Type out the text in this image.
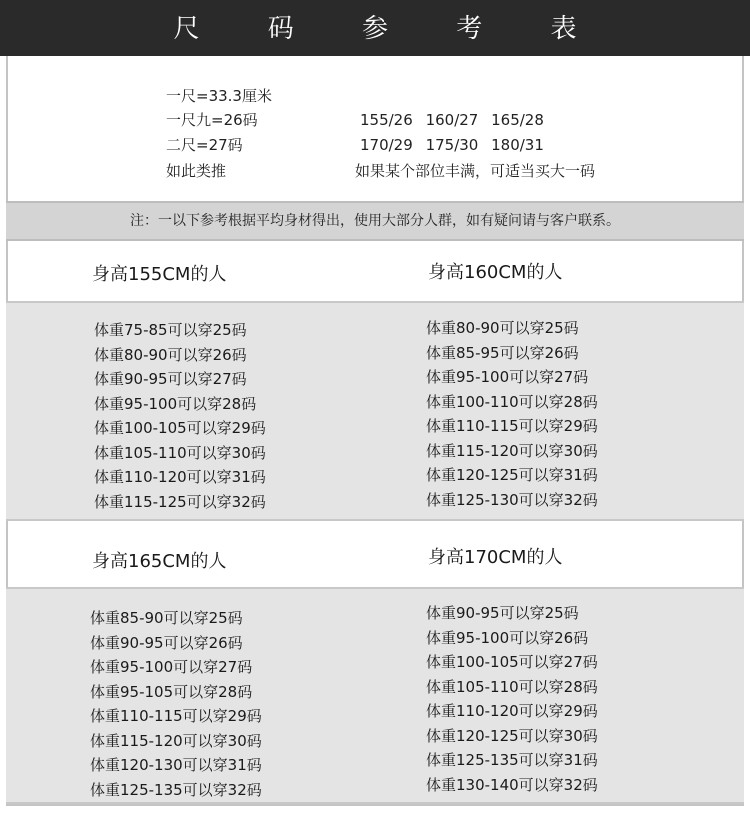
尺 码 参 考 表
一尺=33.3厘米
一尺九=26码
二尺=27码
如此类推
155/26 160/27 165/28
170/29 175/30 180/31
如果某个部位丰满，可适当买大一码
注：一以下参考根据平均身材得出，使用大部分人群，如有疑问请与客户联系。
身高155CM的人	身高160CM的人
体重75-85可以穿25码
体重80-90可以穿26码
体重90-95可以穿27码
体重95-100可以穿28码
体重100-105可以穿29码
体重105-110可以穿30码
体重110-120可以穿31码
体重115-125可以穿32码
体重80-90可以穿25码
体重85-95可以穿26码
体重95-100可以穿27码
体重100-110可以穿28码
体重110-115可以穿29码
体重115-120可以穿30码
体重120-125可以穿31码
体重125-130可以穿32码
身高165CM的人	身高170CM的人
体重85-90可以穿25码
体重90-95可以穿26码
体重95-100可以穿27码
体重95-105可以穿28码
体重110-115可以穿29码
体重115-120可以穿30码
体重120-130可以穿31码
体重125-135可以穿32码
体重90-95可以穿25码
体重95-100可以穿26码
体重100-105可以穿27码
体重105-110可以穿28码
体重110-120可以穿29码
体重120-125可以穿30码
体重125-135可以穿31码
体重130-140可以穿32码
